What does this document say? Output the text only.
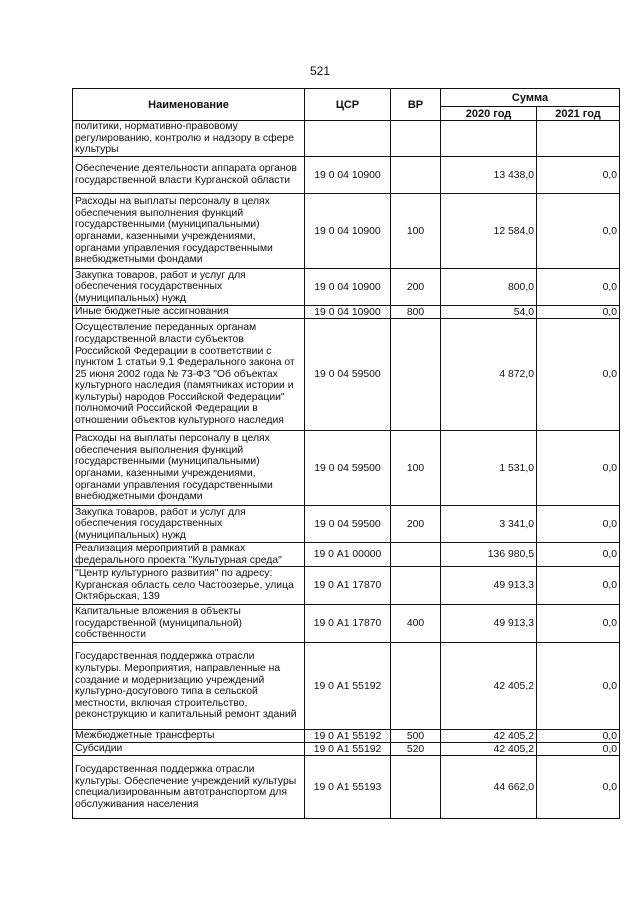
521
Наименование	ЦСР	ВР	Сумма	
			2020 год	2021 год
политики, нормативно-правовому регулированию, контролю и надзору в сфере культуры				
Обеспечение деятельности аппарата органов государственной власти Курганской области	19 0 04 10900		13 438,0	0,0
Расходы на выплаты персоналу в целях обеспечения выполнения функций государственными (муниципальными) органами, казенными учреждениями, органами управления государственными внебюджетными фондами	19 0 04 10900	100	12 584,0	0,0
Закупка товаров, работ и услуг для обеспечения государственных (муниципальных) нужд	19 0 04 10900	200	800,0	0,0
Иные бюджетные ассигнования	19 0 04 10900	800	54,0	0,0
Осуществление переданных органам государственной власти субъектов Российской Федерации в соответствии с пунктом 1 статьи 9.1 Федерального закона от 25 июня 2002 года № 73-ФЗ "Об объектах культурного наследия (памятниках истории и культуры) народов Российской Федерации" полномочий Российской Федерации в отношении объектов культурного наследия	19 0 04 59500		4 872,0	0,0
Расходы на выплаты персоналу в целях обеспечения выполнения функций государственными (муниципальными) органами, казенными учреждениями, органами управления государственными внебюджетными фондами	19 0 04 59500	100	1 531,0	0,0
Закупка товаров, работ и услуг для обеспечения государственных (муниципальных) нужд	19 0 04 59500	200	3 341,0	0,0
Реализация мероприятий в рамках федерального проекта "Культурная среда"	19 0 А1 00000		136 980,5	0,0
"Центр культурного развития" по адресу: Курганская область село Частоозерье, улица Октябрьская, 139	19 0 А1 17870		49 913,3	0,0
Капитальные вложения в объекты государственной (муниципальной) собственности	19 0 А1 17870	400	49 913,3	0,0
Государственная поддержка отрасли культуры. Мероприятия, направленные на создание и модернизацию учреждений культурно-досугового типа в сельской местности, включая строительство, реконструкцию и капитальный ремонт зданий	19 0 А1 55192		42 405,2	0,0
Межбюджетные трансферты	19 0 А1 55192	500	42 405,2	0,0
Субсидии	19 0 А1 55192	520	42 405,2	0,0
Государственная поддержка отрасли культуры. Обеспечение учреждений культуры специализированным автотранспортом для обслуживания населения	19 0 А1 55193		44 662,0	0,0
